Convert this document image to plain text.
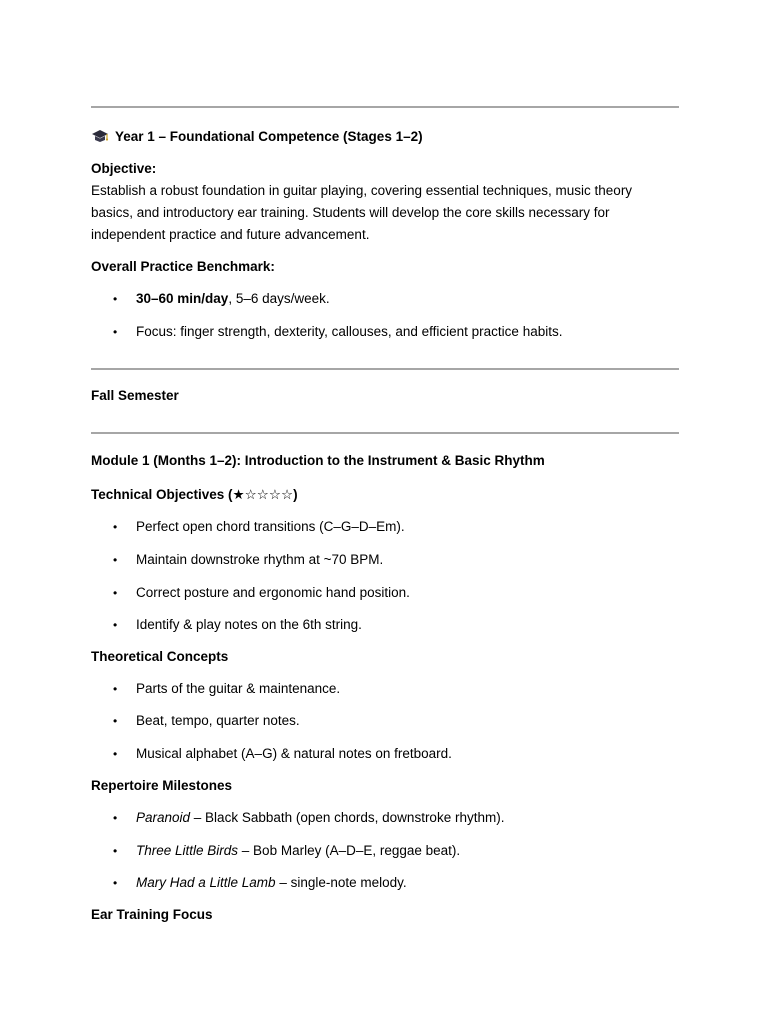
Year 1 – Foundational Competence (Stages 1–2)
Objective:
Establish a robust foundation in guitar playing, covering essential techniques, music theory
basics, and introductory ear training. Students will develop the core skills necessary for
independent practice and future advancement.
Overall Practice Benchmark:
• 30–60 min/day, 5–6 days/week.
• Focus: finger strength, dexterity, callouses, and efficient practice habits.
Fall Semester
Module 1 (Months 1–2): Introduction to the Instrument & Basic Rhythm
Technical Objectives (★☆☆☆☆)
• Perfect open chord transitions (C–G–D–Em).
• Maintain downstroke rhythm at ~70 BPM.
• Correct posture and ergonomic hand position.
• Identify & play notes on the 6th string.
Theoretical Concepts
• Parts of the guitar & maintenance.
• Beat, tempo, quarter notes.
• Musical alphabet (A–G) & natural notes on fretboard.
Repertoire Milestones
• Paranoid – Black Sabbath (open chords, downstroke rhythm).
• Three Little Birds – Bob Marley (A–D–E, reggae beat).
• Mary Had a Little Lamb – single-note melody.
Ear Training Focus
